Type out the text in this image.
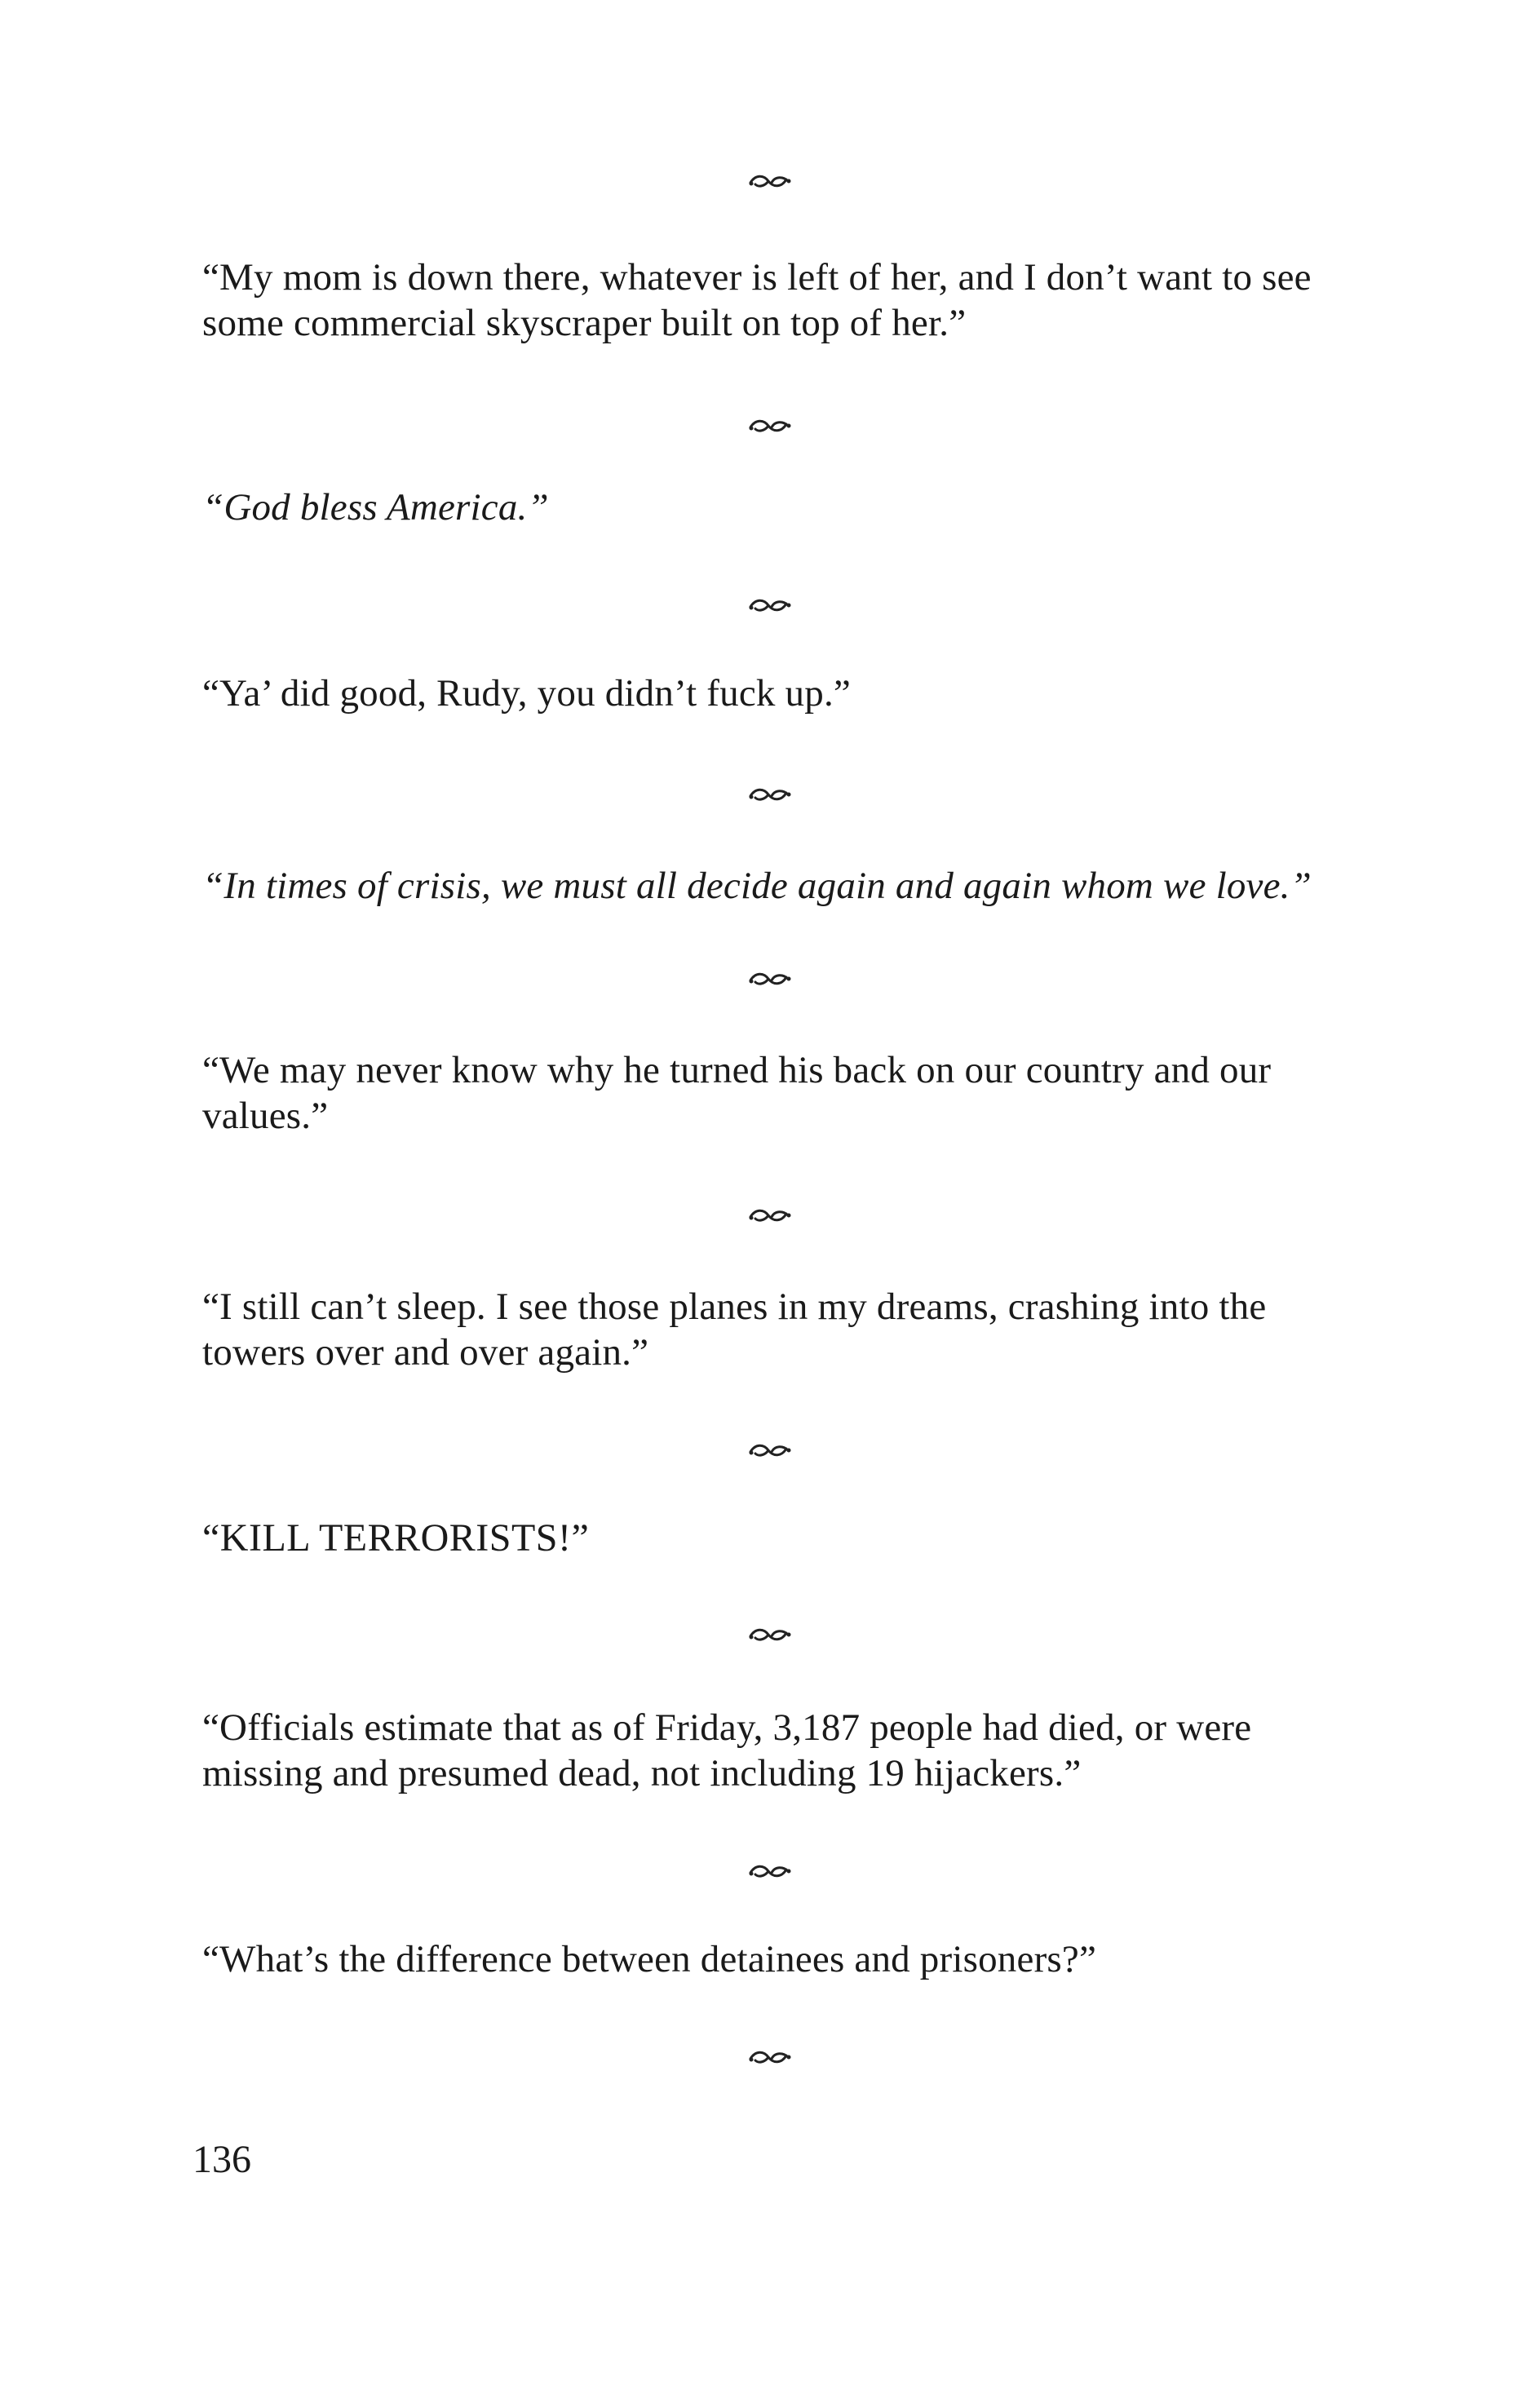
“My mom is down there, whatever is left of her, and I don’t want to see some commercial skyscraper built on top of her.”

“God bless America.”

“Ya’ did good, Rudy, you didn’t fuck up.”

“In times of crisis, we must all decide again and again whom we love.”

“We may never know why he turned his back on our country and our values.”

“I still can’t sleep. I see those planes in my dreams, crashing into the towers over and over again.”

“KILL TERRORISTS!”

“Officials estimate that as of Friday, 3,187 people had died, or were missing and presumed dead, not including 19 hijackers.”

“What’s the difference between detainees and prisoners?”

136
